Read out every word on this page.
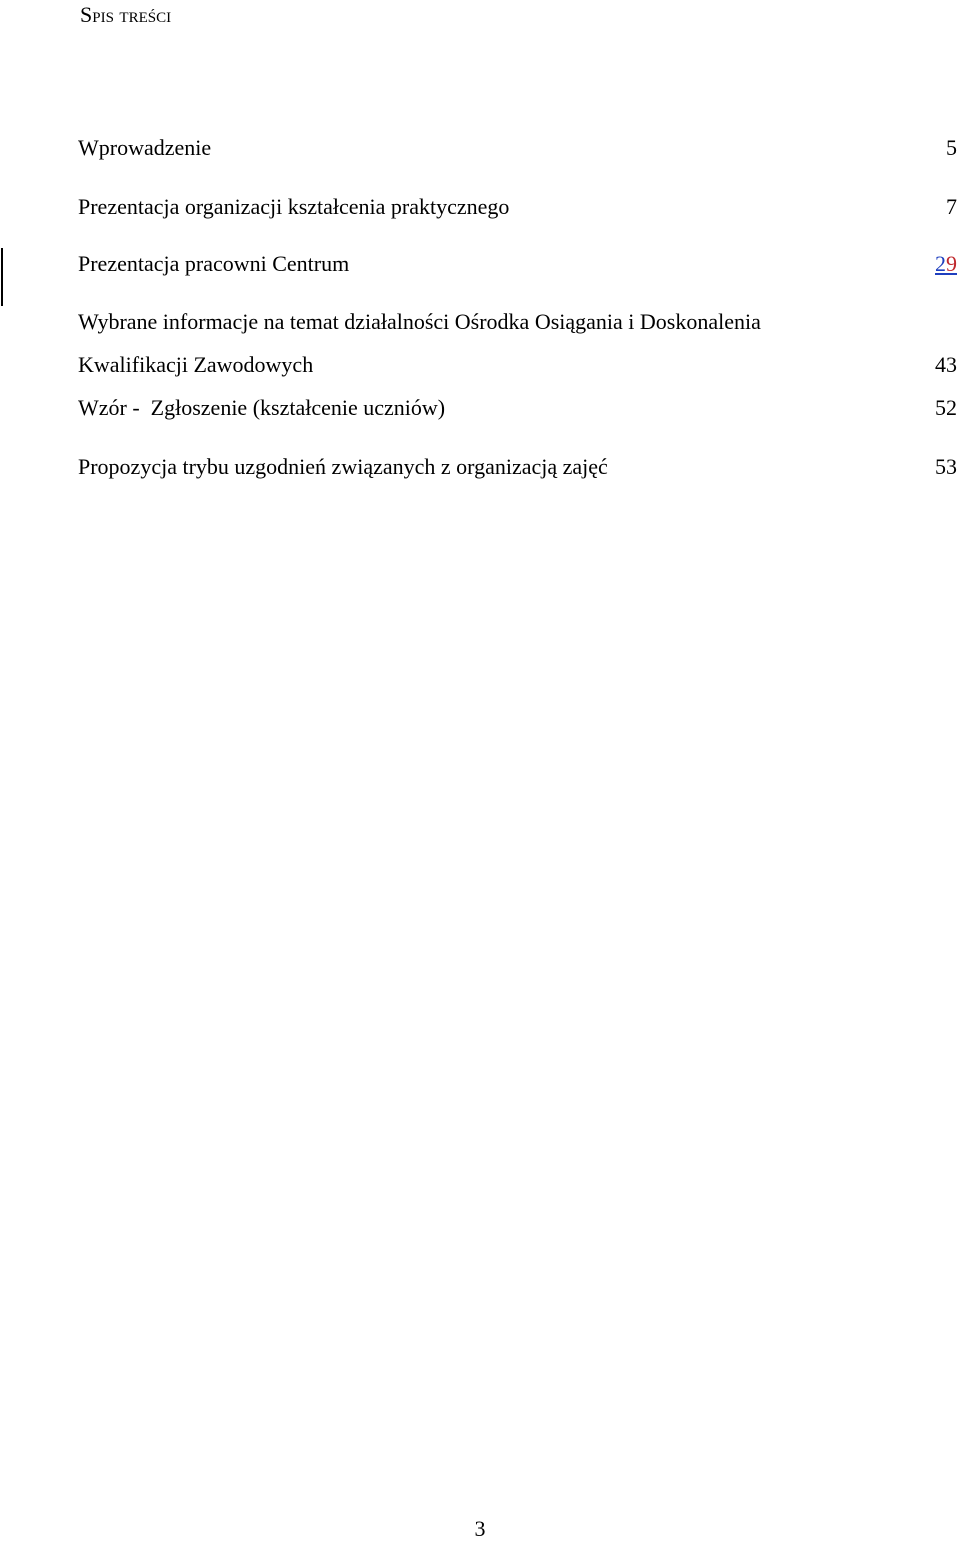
Spis treści
Wprowadzenie	5
Prezentacja organizacji kształcenia praktycznego	7
Prezentacja pracowni Centrum	29
Wybrane informacje na temat działalności Ośrodka Osiągania i Doskonalenia
Kwalifikacji Zawodowych	43
Wzór -  Zgłoszenie (kształcenie uczniów)	52
Propozycja trybu uzgodnień związanych z organizacją zajęć	53
3
